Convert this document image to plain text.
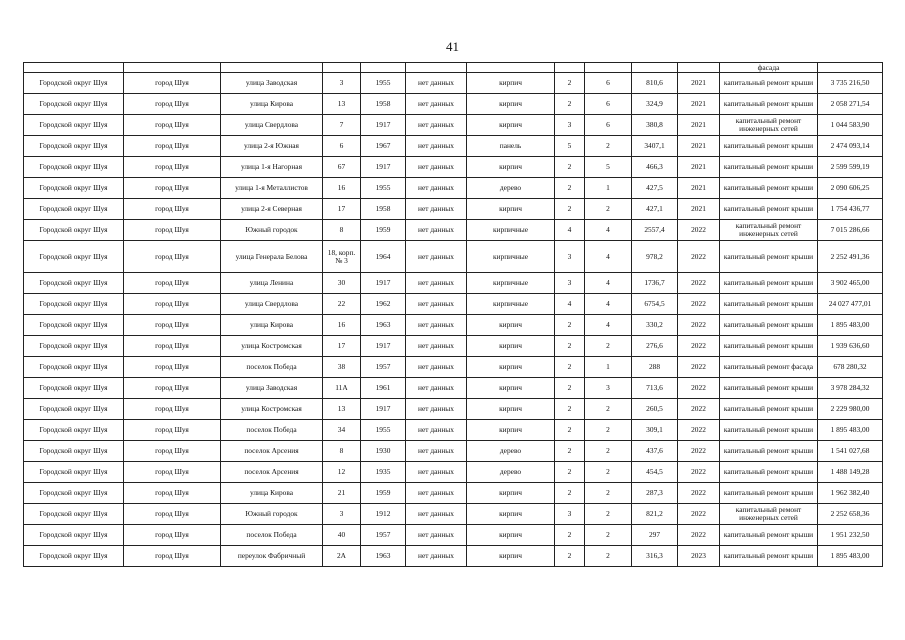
41
											фасада	
Городской округ Шуя	город Шуя	улица Заводская	3	1955	нет данных	кирпич	2	6	810,6	2021	капитальный ремонт крыши	3 735 216,50
Городской округ Шуя	город Шуя	улица Кирова	13	1958	нет данных	кирпич	2	6	324,9	2021	капитальный ремонт крыши	2 058 271,54
Городской округ Шуя	город Шуя	улица Свердлова	7	1917	нет данных	кирпич	3	6	380,8	2021	капитальный ремонт инженерных сетей	1 044 583,90
Городской округ Шуя	город Шуя	улица 2-я Южная	6	1967	нет данных	панель	5	2	3407,1	2021	капитальный ремонт крыши	2 474 093,14
Городской округ Шуя	город Шуя	улица 1-я Нагорная	67	1917	нет данных	кирпич	2	5	466,3	2021	капитальный ремонт крыши	2 599 599,19
Городской округ Шуя	город Шуя	улица 1-я Металлистов	16	1955	нет данных	дерево	2	1	427,5	2021	капитальный ремонт крыши	2 090 606,25
Городской округ Шуя	город Шуя	улица 2-я Северная	17	1958	нет данных	кирпич	2	2	427,1	2021	капитальный ремонт крыши	1 754 436,77
Городской округ Шуя	город Шуя	Южный городок	8	1959	нет данных	кирпичные	4	4	2557,4	2022	капитальный ремонт инженерных сетей	7 015 286,66
Городской округ Шуя	город Шуя	улица Генерала Белова	18, корп. № 3	1964	нет данных	кирпичные	3	4	978,2	2022	капитальный ремонт крыши	2 252 491,36
Городской округ Шуя	город Шуя	улица Ленина	30	1917	нет данных	кирпичные	3	4	1736,7	2022	капитальный ремонт крыши	3 902 465,00
Городской округ Шуя	город Шуя	улица Свердлова	22	1962	нет данных	кирпичные	4	4	6754,5	2022	капитальный ремонт крыши	24 027 477,01
Городской округ Шуя	город Шуя	улица Кирова	16	1963	нет данных	кирпич	2	4	330,2	2022	капитальный ремонт крыши	1 895 483,00
Городской округ Шуя	город Шуя	улица Костромская	17	1917	нет данных	кирпич	2	2	276,6	2022	капитальный ремонт крыши	1 939 636,60
Городской округ Шуя	город Шуя	поселок Победа	38	1957	нет данных	кирпич	2	1	288	2022	капитальный ремонт фасада	678 280,32
Городской округ Шуя	город Шуя	улица Заводская	11А	1961	нет данных	кирпич	2	3	713,6	2022	капитальный ремонт крыши	3 978 284,32
Городской округ Шуя	город Шуя	улица Костромская	13	1917	нет данных	кирпич	2	2	260,5	2022	капитальный ремонт крыши	2 229 980,00
Городской округ Шуя	город Шуя	поселок Победа	34	1955	нет данных	кирпич	2	2	309,1	2022	капитальный ремонт крыши	1 895 483,00
Городской округ Шуя	город Шуя	поселок Арсения	8	1930	нет данных	дерево	2	2	437,6	2022	капитальный ремонт крыши	1 541 027,68
Городской округ Шуя	город Шуя	поселок Арсения	12	1935	нет данных	дерево	2	2	454,5	2022	капитальный ремонт крыши	1 488 149,28
Городской округ Шуя	город Шуя	улица Кирова	21	1959	нет данных	кирпич	2	2	287,3	2022	капитальный ремонт крыши	1 962 382,40
Городской округ Шуя	город Шуя	Южный городок	3	1912	нет данных	кирпич	3	2	821,2	2022	капитальный ремонт инженерных сетей	2 252 658,36
Городской округ Шуя	город Шуя	поселок Победа	40	1957	нет данных	кирпич	2	2	297	2022	капитальный ремонт крыши	1 951 232,50
Городской округ Шуя	город Шуя	переулок Фабричный	2А	1963	нет данных	кирпич	2	2	316,3	2023	капитальный ремонт крыши	1 895 483,00
